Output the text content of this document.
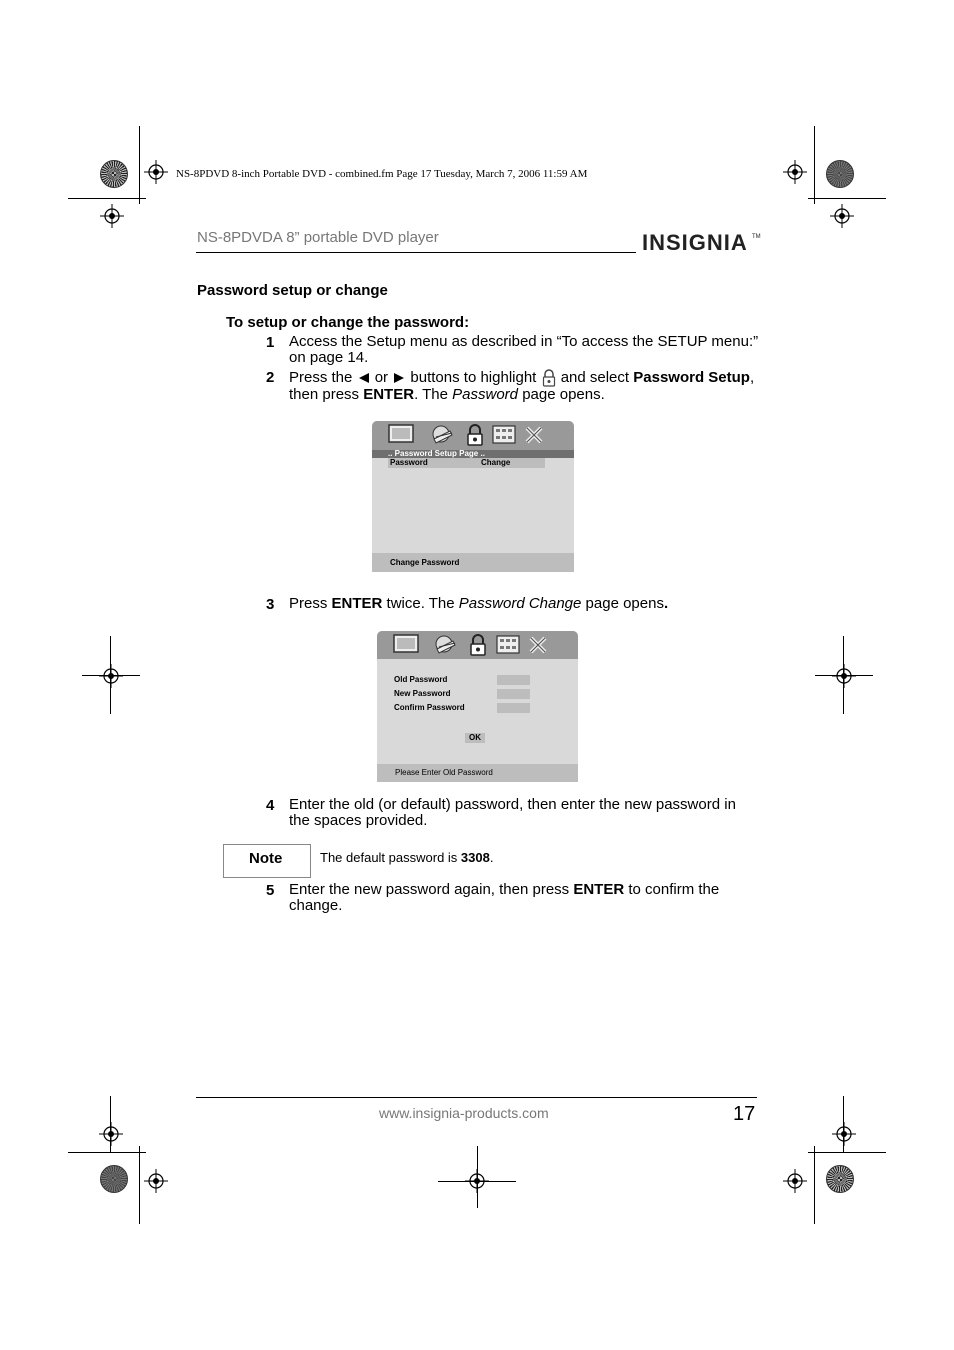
NS-8PDVD 8-inch Portable DVD - combined.fm Page 17 Tuesday, March 7, 2006 11:59 AM
NS-8PDVDA 8” portable DVD player	INSIGNIA TM
Password setup or change
To setup or change the password:
1 Access the Setup menu as described in “To access the SETUP menu:” on page 14.
2 Press the or buttons to highlight and select Password Setup, then press ENTER. The Password page opens.
.. Password Setup Page ..
Password	Change
Change Password
3 Press ENTER twice. The Password Change page opens.
Old Password
New Password
Confirm Password
OK
Please Enter Old Password
4 Enter the old (or default) password, then enter the new password in the spaces provided.
Note	The default password is 3308.
5 Enter the new password again, then press ENTER to confirm the change.
www.insignia-products.com	17
